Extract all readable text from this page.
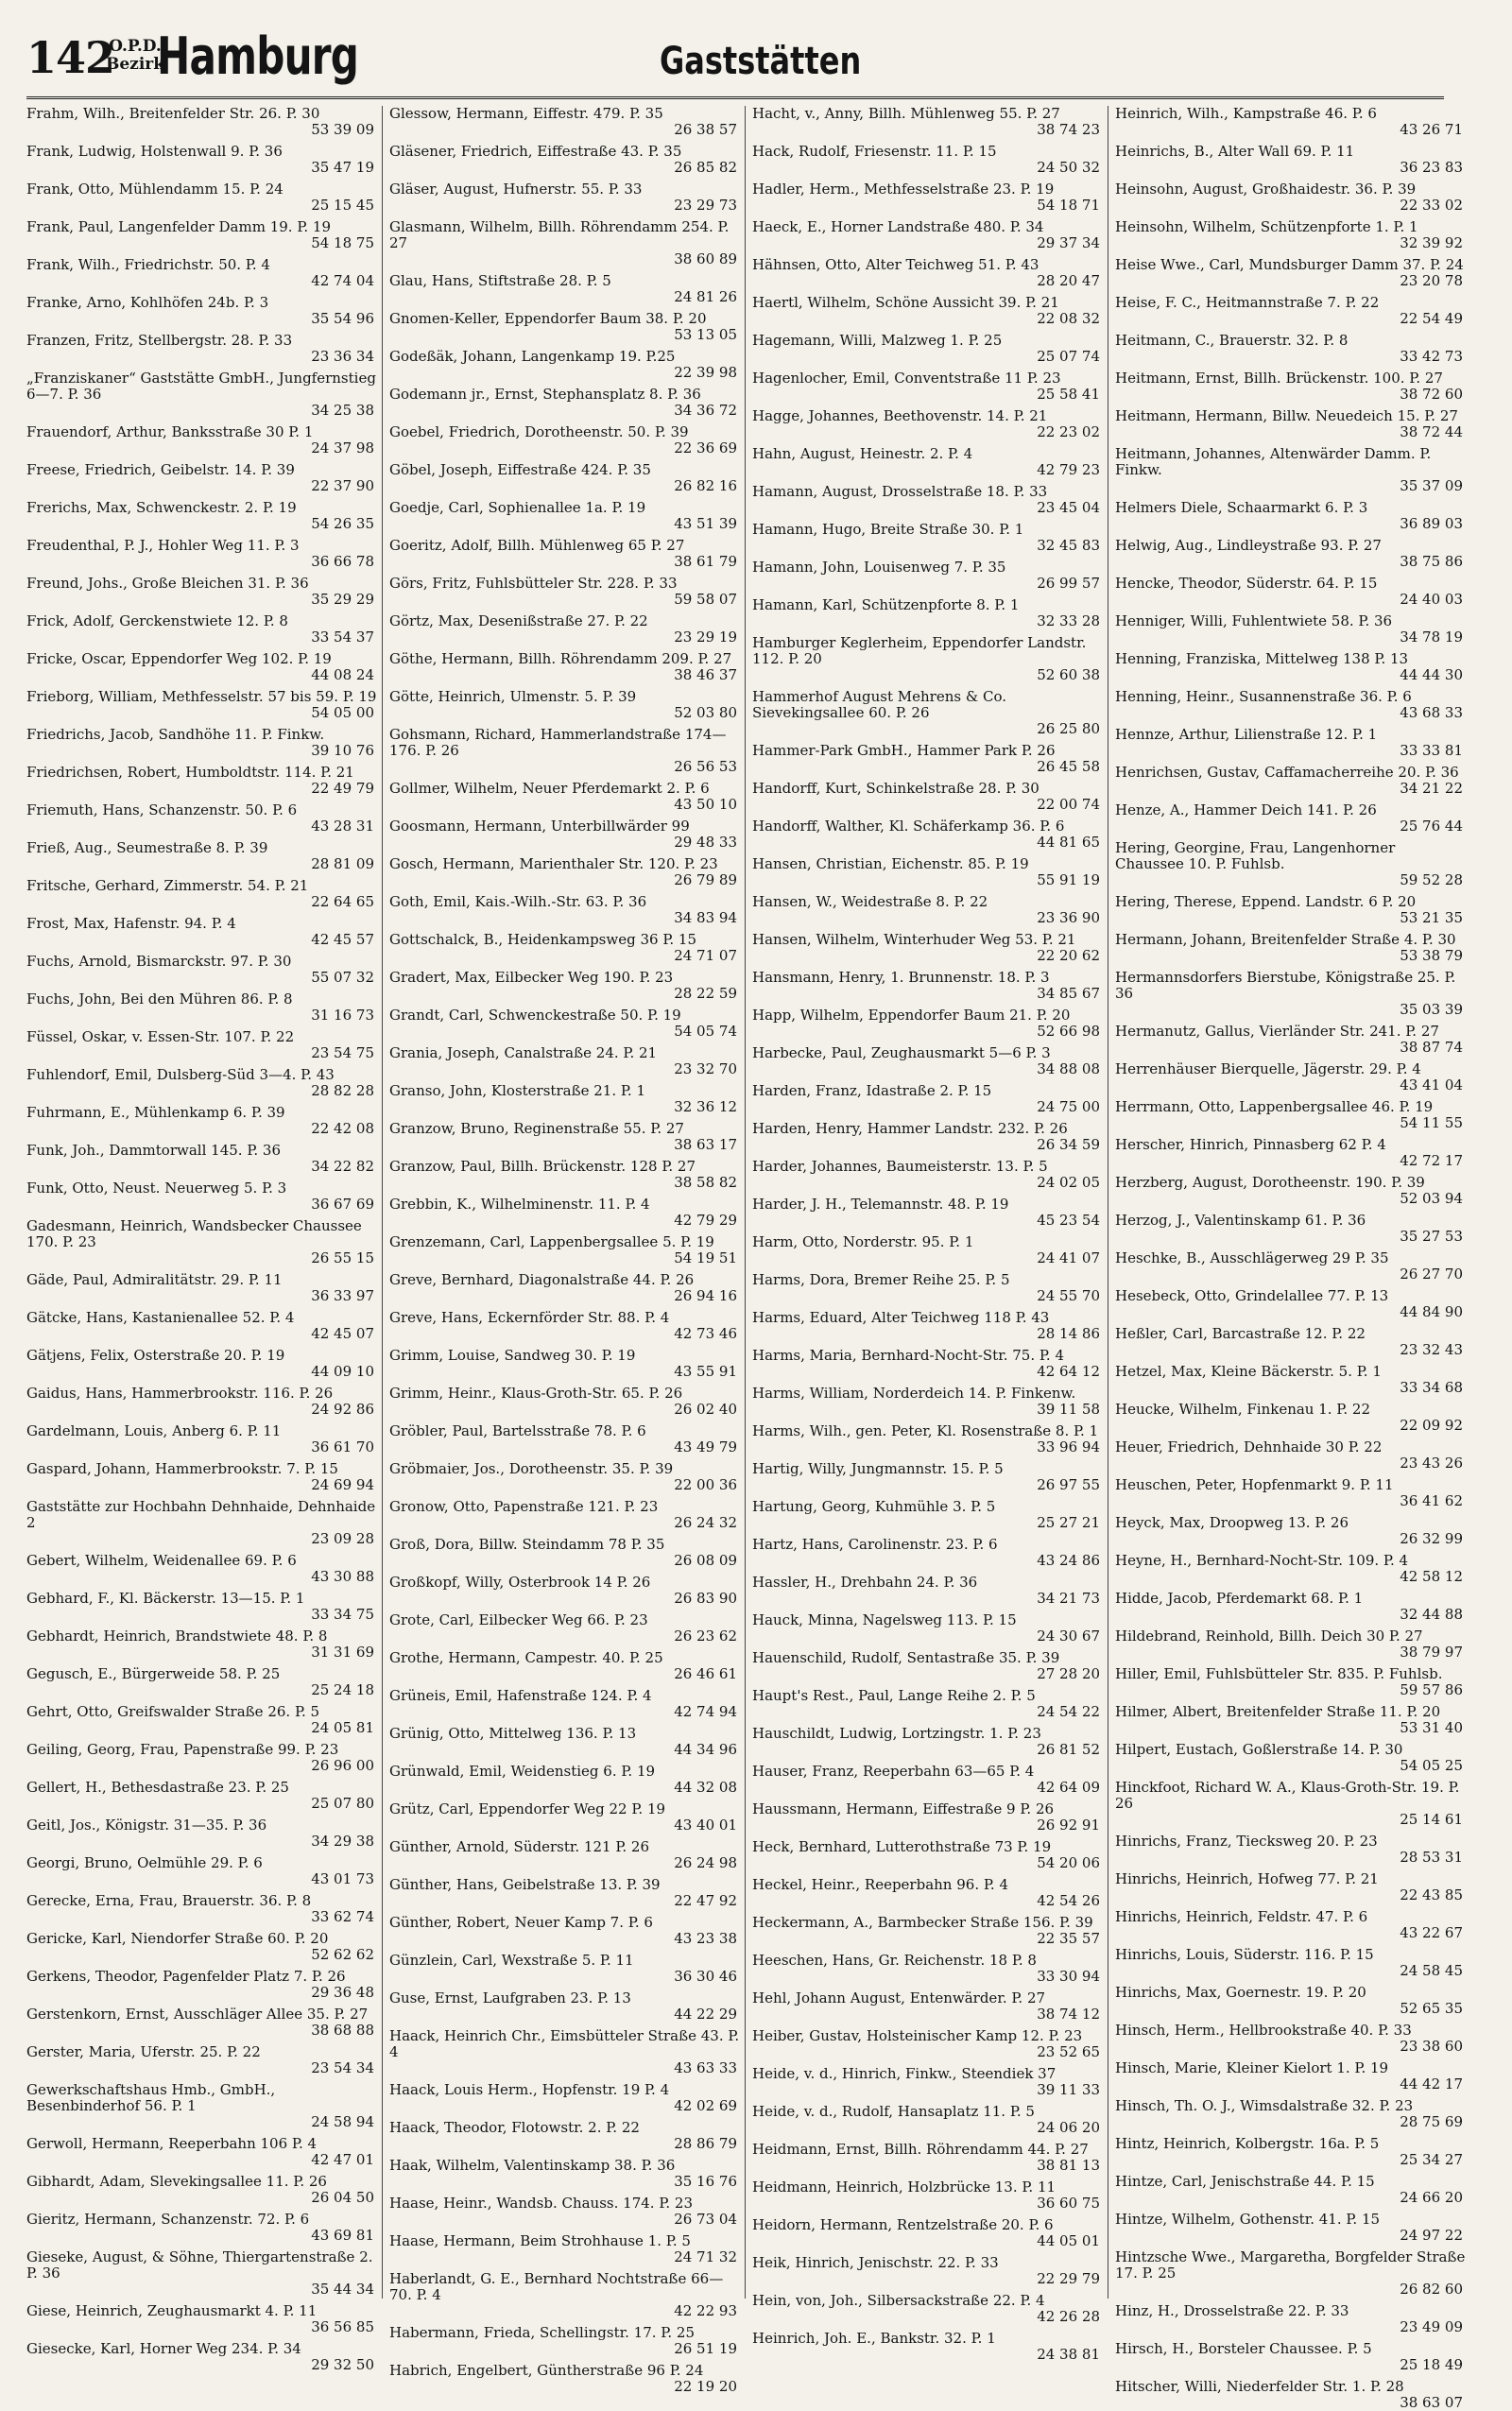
142
O.P.D.
Bezirk
Hamburg	Gaststätten
Frahm, Wilh., Breitenfelder Str. 26. P. 30
53 39 09
Frank, Ludwig, Holstenwall 9. P. 36
35 47 19
Frank, Otto, Mühlendamm 15. P. 24
25 15 45
Frank, Paul, Langenfelder Damm 19. P. 19
54 18 75
Frank, Wilh., Friedrichstr. 50. P. 4
42 74 04
Franke, Arno, Kohlhöfen 24b. P. 3
35 54 96
Franzen, Fritz, Stellbergstr. 28. P. 33
23 36 34
„Franziskaner“ Gaststätte GmbH., Jungfernstieg 6—7. P. 36
34 25 38
Frauendorf, Arthur, Banksstraße 30 P. 1
24 37 98
Freese, Friedrich, Geibelstr. 14. P. 39
22 37 90
Frerichs, Max, Schwenckestr. 2. P. 19
54 26 35
Freudenthal, P. J., Hohler Weg 11. P. 3
36 66 78
Freund, Johs., Große Bleichen 31. P. 36
35 29 29
Frick, Adolf, Gerckenstwiete 12. P. 8
33 54 37
Fricke, Oscar, Eppendorfer Weg 102. P. 19
44 08 24
Frieborg, William, Methfesselstr. 57 bis 59. P. 19
54 05 00
Friedrichs, Jacob, Sandhöhe 11. P. Finkw.
39 10 76
Friedrichsen, Robert, Humboldtstr. 114. P. 21
22 49 79
Friemuth, Hans, Schanzenstr. 50. P. 6
43 28 31
Frieß, Aug., Seumestraße 8. P. 39
28 81 09
Fritsche, Gerhard, Zimmerstr. 54. P. 21
22 64 65
Frost, Max, Hafenstr. 94. P. 4
42 45 57
Fuchs, Arnold, Bismarckstr. 97. P. 30
55 07 32
Fuchs, John, Bei den Mühren 86. P. 8
31 16 73
Füssel, Oskar, v. Essen-Str. 107. P. 22
23 54 75
Fuhlendorf, Emil, Dulsberg-Süd 3—4. P. 43
28 82 28
Fuhrmann, E., Mühlenkamp 6. P. 39
22 42 08
Funk, Joh., Dammtorwall 145. P. 36
34 22 82
Funk, Otto, Neust. Neuerweg 5. P. 3
36 67 69
Gadesmann, Heinrich, Wandsbecker Chaussee 170. P. 23
26 55 15
Gäde, Paul, Admiralitätstr. 29. P. 11
36 33 97
Gätcke, Hans, Kastanienallee 52. P. 4
42 45 07
Gätjens, Felix, Osterstraße 20. P. 19
44 09 10
Gaidus, Hans, Hammerbrookstr. 116. P. 26
24 92 86
Gardelmann, Louis, Anberg 6. P. 11
36 61 70
Gaspard, Johann, Hammerbrookstr. 7. P. 15
24 69 94
Gaststätte zur Hochbahn Dehnhaide, Dehnhaide 2
23 09 28
Gebert, Wilhelm, Weidenallee 69. P. 6
43 30 88
Gebhard, F., Kl. Bäckerstr. 13—15. P. 1
33 34 75
Gebhardt, Heinrich, Brandstwiete 48. P. 8
31 31 69
Gegusch, E., Bürgerweide 58. P. 25
25 24 18
Gehrt, Otto, Greifswalder Straße 26. P. 5
24 05 81
Geiling, Georg, Frau, Papenstraße 99. P. 23
26 96 00
Gellert, H., Bethesdastraße 23. P. 25
25 07 80
Geitl, Jos., Königstr. 31—35. P. 36
34 29 38
Georgi, Bruno, Oelmühle 29. P. 6
43 01 73
Gerecke, Erna, Frau, Brauerstr. 36. P. 8
33 62 74
Gericke, Karl, Niendorfer Straße 60. P. 20
52 62 62
Gerkens, Theodor, Pagenfelder Platz 7. P. 26
29 36 48
Gerstenkorn, Ernst, Ausschläger Allee 35. P. 27
38 68 88
Gerster, Maria, Uferstr. 25. P. 22
23 54 34
Gewerkschaftshaus Hmb., GmbH., Besenbinderhof 56. P. 1
24 58 94
Gerwoll, Hermann, Reeperbahn 106 P. 4
42 47 01
Gibhardt, Adam, Slevekingsallee 11. P. 26
26 04 50
Gieritz, Hermann, Schanzenstr. 72. P. 6
43 69 81
Gieseke, August, & Söhne, Thiergartenstraße 2. P. 36
35 44 34
Giese, Heinrich, Zeughausmarkt 4. P. 11
36 56 85
Giesecke, Karl, Horner Weg 234. P. 34
29 32 50
Glessow, Hermann, Eiffestr. 479. P. 35
26 38 57
Gläsener, Friedrich, Eiffestraße 43. P. 35
26 85 82
Gläser, August, Hufnerstr. 55. P. 33
23 29 73
Glasmann, Wilhelm, Billh. Röhrendamm 254. P. 27
38 60 89
Glau, Hans, Stiftstraße 28. P. 5
24 81 26
Gnomen-Keller, Eppendorfer Baum 38. P. 20
53 13 05
Godeßäk, Johann, Langenkamp 19. P.25
22 39 98
Godemann jr., Ernst, Stephansplatz 8. P. 36
34 36 72
Goebel, Friedrich, Dorotheenstr. 50. P. 39
22 36 69
Göbel, Joseph, Eiffestraße 424. P. 35
26 82 16
Goedje, Carl, Sophienallee 1a. P. 19
43 51 39
Goeritz, Adolf, Billh. Mühlenweg 65 P. 27
38 61 79
Görs, Fritz, Fuhlsbütteler Str. 228. P. 33
59 58 07
Görtz, Max, Desenißstraße 27. P. 22
23 29 19
Göthe, Hermann, Billh. Röhrendamm 209. P. 27
38 46 37
Götte, Heinrich, Ulmenstr. 5. P. 39
52 03 80
Gohsmann, Richard, Hammerlandstraße 174—176. P. 26
26 56 53
Gollmer, Wilhelm, Neuer Pferdemarkt 2. P. 6
43 50 10
Goosmann, Hermann, Unterbillwärder 99
29 48 33
Gosch, Hermann, Marienthaler Str. 120. P. 23
26 79 89
Goth, Emil, Kais.-Wilh.-Str. 63. P. 36
34 83 94
Gottschalck, B., Heidenkampsweg 36 P. 15
24 71 07
Gradert, Max, Eilbecker Weg 190. P. 23
28 22 59
Grandt, Carl, Schwenckestraße 50. P. 19
54 05 74
Grania, Joseph, Canalstraße 24. P. 21
23 32 70
Granso, John, Klosterstraße 21. P. 1
32 36 12
Granzow, Bruno, Reginenstraße 55. P. 27
38 63 17
Granzow, Paul, Billh. Brückenstr. 128 P. 27
38 58 82
Grebbin, K., Wilhelminenstr. 11. P. 4
42 79 29
Grenzemann, Carl, Lappenbergsallee 5. P. 19
54 19 51
Greve, Bernhard, Diagonalstraße 44. P. 26
26 94 16
Greve, Hans, Eckernförder Str. 88. P. 4
42 73 46
Grimm, Louise, Sandweg 30. P. 19
43 55 91
Grimm, Heinr., Klaus-Groth-Str. 65. P. 26
26 02 40
Gröbler, Paul, Bartelsstraße 78. P. 6
43 49 79
Gröbmaier, Jos., Dorotheenstr. 35. P. 39
22 00 36
Gronow, Otto, Papenstraße 121. P. 23
26 24 32
Groß, Dora, Billw. Steindamm 78 P. 35
26 08 09
Großkopf, Willy, Osterbrook 14 P. 26
26 83 90
Grote, Carl, Eilbecker Weg 66. P. 23
26 23 62
Grothe, Hermann, Campestr. 40. P. 25
26 46 61
Grüneis, Emil, Hafenstraße 124. P. 4
42 74 94
Grünig, Otto, Mittelweg 136. P. 13
44 34 96
Grünwald, Emil, Weidenstieg 6. P. 19
44 32 08
Grütz, Carl, Eppendorfer Weg 22 P. 19
43 40 01
Günther, Arnold, Süderstr. 121 P. 26
26 24 98
Günther, Hans, Geibelstraße 13. P. 39
22 47 92
Günther, Robert, Neuer Kamp 7. P. 6
43 23 38
Günzlein, Carl, Wexstraße 5. P. 11
36 30 46
Guse, Ernst, Laufgraben 23. P. 13
44 22 29
Haack, Heinrich Chr., Eimsbütteler Straße 43. P. 4
43 63 33
Haack, Louis Herm., Hopfenstr. 19 P. 4
42 02 69
Haack, Theodor, Flotowstr. 2. P. 22
28 86 79
Haak, Wilhelm, Valentinskamp 38. P. 36
35 16 76
Haase, Heinr., Wandsb. Chauss. 174. P. 23
26 73 04
Haase, Hermann, Beim Strohhause 1. P. 5
24 71 32
Haberlandt, G. E., Bernhard Nochtstraße 66—70. P. 4
42 22 93
Habermann, Frieda, Schellingstr. 17. P. 25
26 51 19
Habrich, Engelbert, Güntherstraße 96 P. 24
22 19 20
Hacht, v., Anny, Billh. Mühlenweg 55. P. 27
38 74 23
Hack, Rudolf, Friesenstr. 11. P. 15
24 50 32
Hadler, Herm., Methfesselstraße 23. P. 19
54 18 71
Haeck, E., Horner Landstraße 480. P. 34
29 37 34
Hähnsen, Otto, Alter Teichweg 51. P. 43
28 20 47
Haertl, Wilhelm, Schöne Aussicht 39. P. 21
22 08 32
Hagemann, Willi, Malzweg 1. P. 25
25 07 74
Hagenlocher, Emil, Conventstraße 11 P. 23
25 58 41
Hagge, Johannes, Beethovenstr. 14. P. 21
22 23 02
Hahn, August, Heinestr. 2. P. 4
42 79 23
Hamann, August, Drosselstraße 18. P. 33
23 45 04
Hamann, Hugo, Breite Straße 30. P. 1
32 45 83
Hamann, John, Louisenweg 7. P. 35
26 99 57
Hamann, Karl, Schützenpforte 8. P. 1
32 33 28
Hamburger Keglerheim, Eppendorfer Landstr. 112. P. 20
52 60 38
Hammerhof August Mehrens & Co. Sievekingsallee 60. P. 26
26 25 80
Hammer-Park GmbH., Hammer Park P. 26
26 45 58
Handorff, Kurt, Schinkelstraße 28. P. 30
22 00 74
Handorff, Walther, Kl. Schäferkamp 36. P. 6
44 81 65
Hansen, Christian, Eichenstr. 85. P. 19
55 91 19
Hansen, W., Weidestraße 8. P. 22
23 36 90
Hansen, Wilhelm, Winterhuder Weg 53. P. 21
22 20 62
Hansmann, Henry, 1. Brunnenstr. 18. P. 3
34 85 67
Happ, Wilhelm, Eppendorfer Baum 21. P. 20
52 66 98
Harbecke, Paul, Zeughausmarkt 5—6 P. 3
34 88 08
Harden, Franz, Idastraße 2. P. 15
24 75 00
Harden, Henry, Hammer Landstr. 232. P. 26
26 34 59
Harder, Johannes, Baumeisterstr. 13. P. 5
24 02 05
Harder, J. H., Telemannstr. 48. P. 19
45 23 54
Harm, Otto, Norderstr. 95. P. 1
24 41 07
Harms, Dora, Bremer Reihe 25. P. 5
24 55 70
Harms, Eduard, Alter Teichweg 118 P. 43
28 14 86
Harms, Maria, Bernhard-Nocht-Str. 75. P. 4
42 64 12
Harms, William, Norderdeich 14. P. Finkenw.
39 11 58
Harms, Wilh., gen. Peter, Kl. Rosenstraße 8. P. 1
33 96 94
Hartig, Willy, Jungmannstr. 15. P. 5
26 97 55
Hartung, Georg, Kuhmühle 3. P. 5
25 27 21
Hartz, Hans, Carolinenstr. 23. P. 6
43 24 86
Hassler, H., Drehbahn 24. P. 36
34 21 73
Hauck, Minna, Nagelsweg 113. P. 15
24 30 67
Hauenschild, Rudolf, Sentastraße 35. P. 39
27 28 20
Haupt's Rest., Paul, Lange Reihe 2. P. 5
24 54 22
Hauschildt, Ludwig, Lortzingstr. 1. P. 23
26 81 52
Hauser, Franz, Reeperbahn 63—65 P. 4
42 64 09
Haussmann, Hermann, Eiffestraße 9 P. 26
26 92 91
Heck, Bernhard, Lutterothstraße 73 P. 19
54 20 06
Heckel, Heinr., Reeperbahn 96. P. 4
42 54 26
Heckermann, A., Barmbecker Straße 156. P. 39
22 35 57
Heeschen, Hans, Gr. Reichenstr. 18 P. 8
33 30 94
Hehl, Johann August, Entenwärder. P. 27
38 74 12
Heiber, Gustav, Holsteinischer Kamp 12. P. 23
23 52 65
Heide, v. d., Hinrich, Finkw., Steendiek 37
39 11 33
Heide, v. d., Rudolf, Hansaplatz 11. P. 5
24 06 20
Heidmann, Ernst, Billh. Röhrendamm 44. P. 27
38 81 13
Heidmann, Heinrich, Holzbrücke 13. P. 11
36 60 75
Heidorn, Hermann, Rentzelstraße 20. P. 6
44 05 01
Heik, Hinrich, Jenischstr. 22. P. 33
22 29 79
Hein, von, Joh., Silbersackstraße 22. P. 4
42 26 28
Heinrich, Joh. E., Bankstr. 32. P. 1
24 38 81
Heinrich, Wilh., Kampstraße 46. P. 6
43 26 71
Heinrichs, B., Alter Wall 69. P. 11
36 23 83
Heinsohn, August, Großhaidestr. 36. P. 39
22 33 02
Heinsohn, Wilhelm, Schützenpforte 1. P. 1
32 39 92
Heise Wwe., Carl, Mundsburger Damm 37. P. 24
23 20 78
Heise, F. C., Heitmannstraße 7. P. 22
22 54 49
Heitmann, C., Brauerstr. 32. P. 8
33 42 73
Heitmann, Ernst, Billh. Brückenstr. 100. P. 27
38 72 60
Heitmann, Hermann, Billw. Neuedeich 15. P. 27
38 72 44
Heitmann, Johannes, Altenwärder Damm. P. Finkw.
35 37 09
Helmers Diele, Schaarmarkt 6. P. 3
36 89 03
Helwig, Aug., Lindleystraße 93. P. 27
38 75 86
Hencke, Theodor, Süderstr. 64. P. 15
24 40 03
Henniger, Willi, Fuhlentwiete 58. P. 36
34 78 19
Henning, Franziska, Mittelweg 138 P. 13
44 44 30
Henning, Heinr., Susannenstraße 36. P. 6
43 68 33
Hennze, Arthur, Lilienstraße 12. P. 1
33 33 81
Henrichsen, Gustav, Caffamacherreihe 20. P. 36
34 21 22
Henze, A., Hammer Deich 141. P. 26
25 76 44
Hering, Georgine, Frau, Langenhorner Chaussee 10. P. Fuhlsb.
59 52 28
Hering, Therese, Eppend. Landstr. 6 P. 20
53 21 35
Hermann, Johann, Breitenfelder Straße 4. P. 30
53 38 79
Hermannsdorfers Bierstube, Königstraße 25. P. 36
35 03 39
Hermanutz, Gallus, Vierländer Str. 241. P. 27
38 87 74
Herrenhäuser Bierquelle, Jägerstr. 29. P. 4
43 41 04
Herrmann, Otto, Lappenbergsallee 46. P. 19
54 11 55
Herscher, Hinrich, Pinnasberg 62 P. 4
42 72 17
Herzberg, August, Dorotheenstr. 190. P. 39
52 03 94
Herzog, J., Valentinskamp 61. P. 36
35 27 53
Heschke, B., Ausschlägerweg 29 P. 35
26 27 70
Hesebeck, Otto, Grindelallee 77. P. 13
44 84 90
Heßler, Carl, Barcastraße 12. P. 22
23 32 43
Hetzel, Max, Kleine Bäckerstr. 5. P. 1
33 34 68
Heucke, Wilhelm, Finkenau 1. P. 22
22 09 92
Heuer, Friedrich, Dehnhaide 30 P. 22
23 43 26
Heuschen, Peter, Hopfenmarkt 9. P. 11
36 41 62
Heyck, Max, Droopweg 13. P. 26
26 32 99
Heyne, H., Bernhard-Nocht-Str. 109. P. 4
42 58 12
Hidde, Jacob, Pferdemarkt 68. P. 1
32 44 88
Hildebrand, Reinhold, Billh. Deich 30 P. 27
38 79 97
Hiller, Emil, Fuhlsbütteler Str. 835. P. Fuhlsb.
59 57 86
Hilmer, Albert, Breitenfelder Straße 11. P. 20
53 31 40
Hilpert, Eustach, Goßlerstraße 14. P. 30
54 05 25
Hinckfoot, Richard W. A., Klaus-Groth-Str. 19. P. 26
25 14 61
Hinrichs, Franz, Tiecksweg 20. P. 23
28 53 31
Hinrichs, Heinrich, Hofweg 77. P. 21
22 43 85
Hinrichs, Heinrich, Feldstr. 47. P. 6
43 22 67
Hinrichs, Louis, Süderstr. 116. P. 15
24 58 45
Hinrichs, Max, Goernestr. 19. P. 20
52 65 35
Hinsch, Herm., Hellbrookstraße 40. P. 33
23 38 60
Hinsch, Marie, Kleiner Kielort 1. P. 19
44 42 17
Hinsch, Th. O. J., Wimsdalstraße 32. P. 23
28 75 69
Hintz, Heinrich, Kolbergstr. 16a. P. 5
25 34 27
Hintze, Carl, Jenischstraße 44. P. 15
24 66 20
Hintze, Wilhelm, Gothenstr. 41. P. 15
24 97 22
Hintzsche Wwe., Margaretha, Borgfelder Straße 17. P. 25
26 82 60
Hinz, H., Drosselstraße 22. P. 33
23 49 09
Hirsch, H., Borsteler Chaussee. P. 5
25 18 49
Hitscher, Willi, Niederfelder Str. 1. P. 28
38 63 07
